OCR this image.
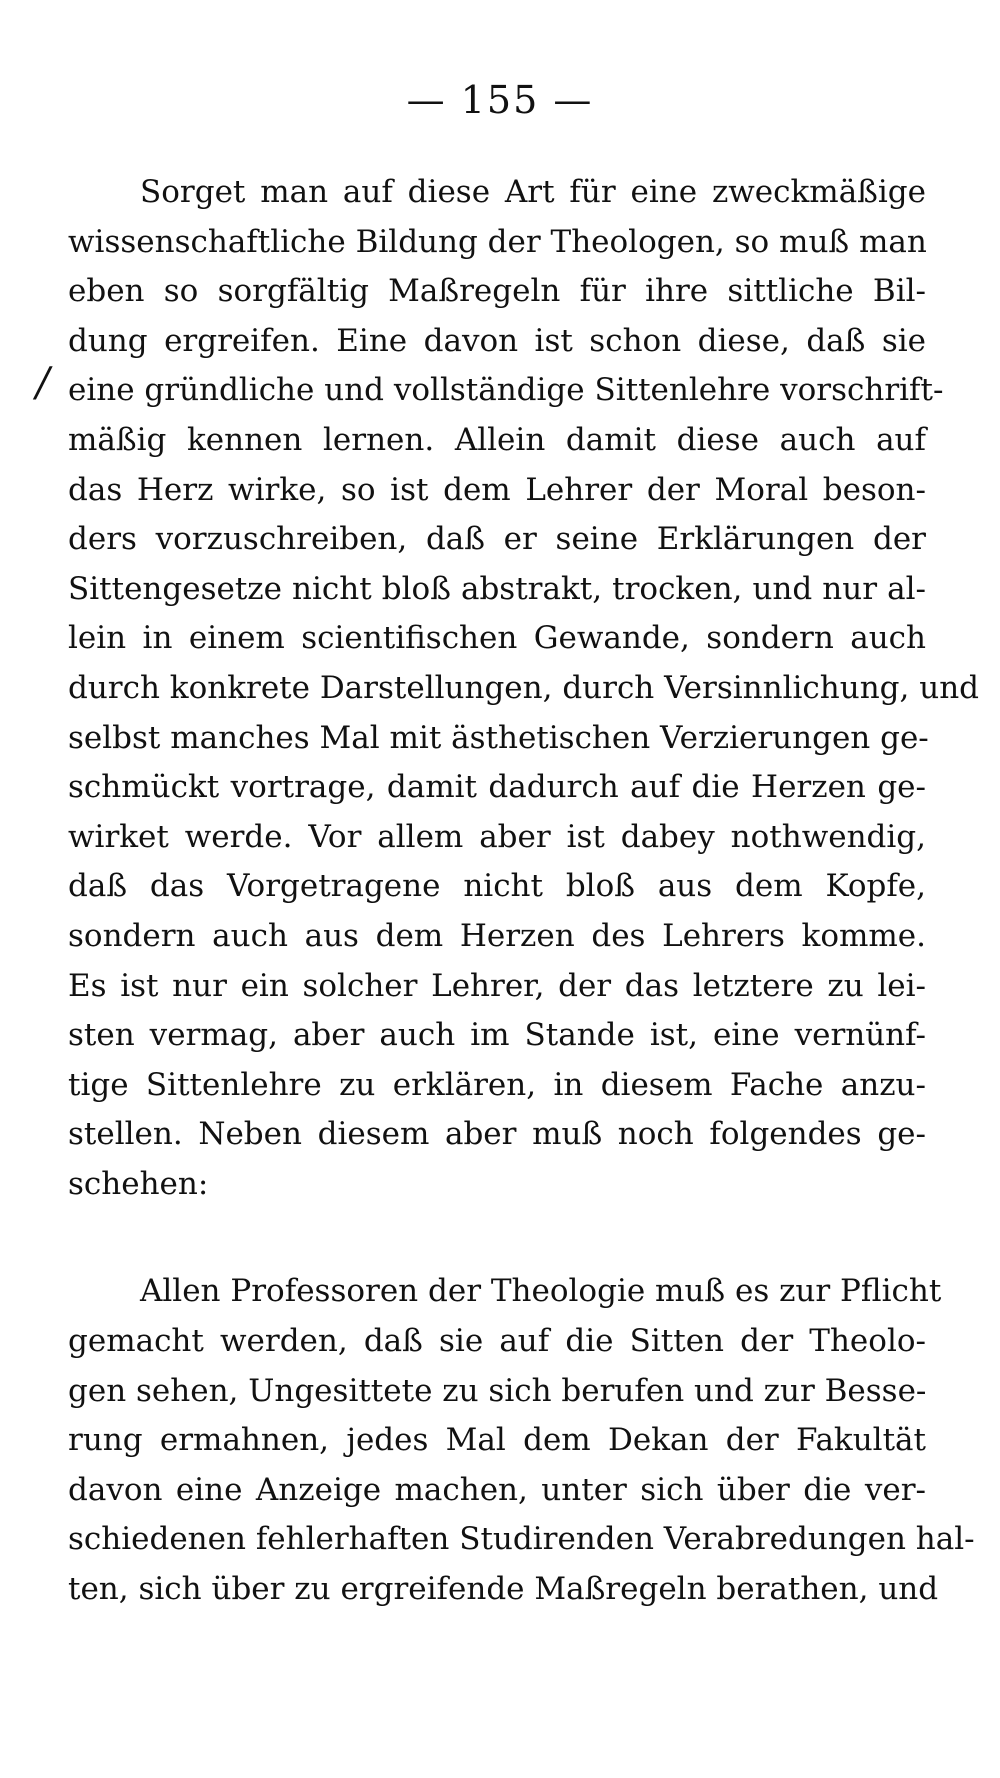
— 155 —
/
Sorget man auf diese Art für eine zweckmäßige
wissenschaftliche Bildung der Theologen, so muß man
eben so sorgfältig Maßregeln für ihre sittliche Bil-
dung ergreifen. Eine davon ist schon diese, daß sie
eine gründliche und vollständige Sittenlehre vorschrift-
mäßig kennen lernen. Allein damit diese auch auf
das Herz wirke, so ist dem Lehrer der Moral beson-
ders vorzuschreiben, daß er seine Erklärungen der
Sittengesetze nicht bloß abstrakt, trocken, und nur al-
lein in einem scientifischen Gewande, sondern auch
durch konkrete Darstellungen, durch Versinnlichung, und
selbst manches Mal mit ästhetischen Verzierungen ge-
schmückt vortrage, damit dadurch auf die Herzen ge-
wirket werde. Vor allem aber ist dabey nothwendig,
daß das Vorgetragene nicht bloß aus dem Kopfe,
sondern auch aus dem Herzen des Lehrers komme.
Es ist nur ein solcher Lehrer, der das letztere zu lei-
sten vermag, aber auch im Stande ist, eine vernünf-
tige Sittenlehre zu erklären, in diesem Fache anzu-
stellen. Neben diesem aber muß noch folgendes ge-
schehen:
Allen Professoren der Theologie muß es zur Pflicht
gemacht werden, daß sie auf die Sitten der Theolo-
gen sehen, Ungesittete zu sich berufen und zur Besse-
rung ermahnen, jedes Mal dem Dekan der Fakultät
davon eine Anzeige machen, unter sich über die ver-
schiedenen fehlerhaften Studirenden Verabredungen hal-
ten, sich über zu ergreifende Maßregeln berathen, und
